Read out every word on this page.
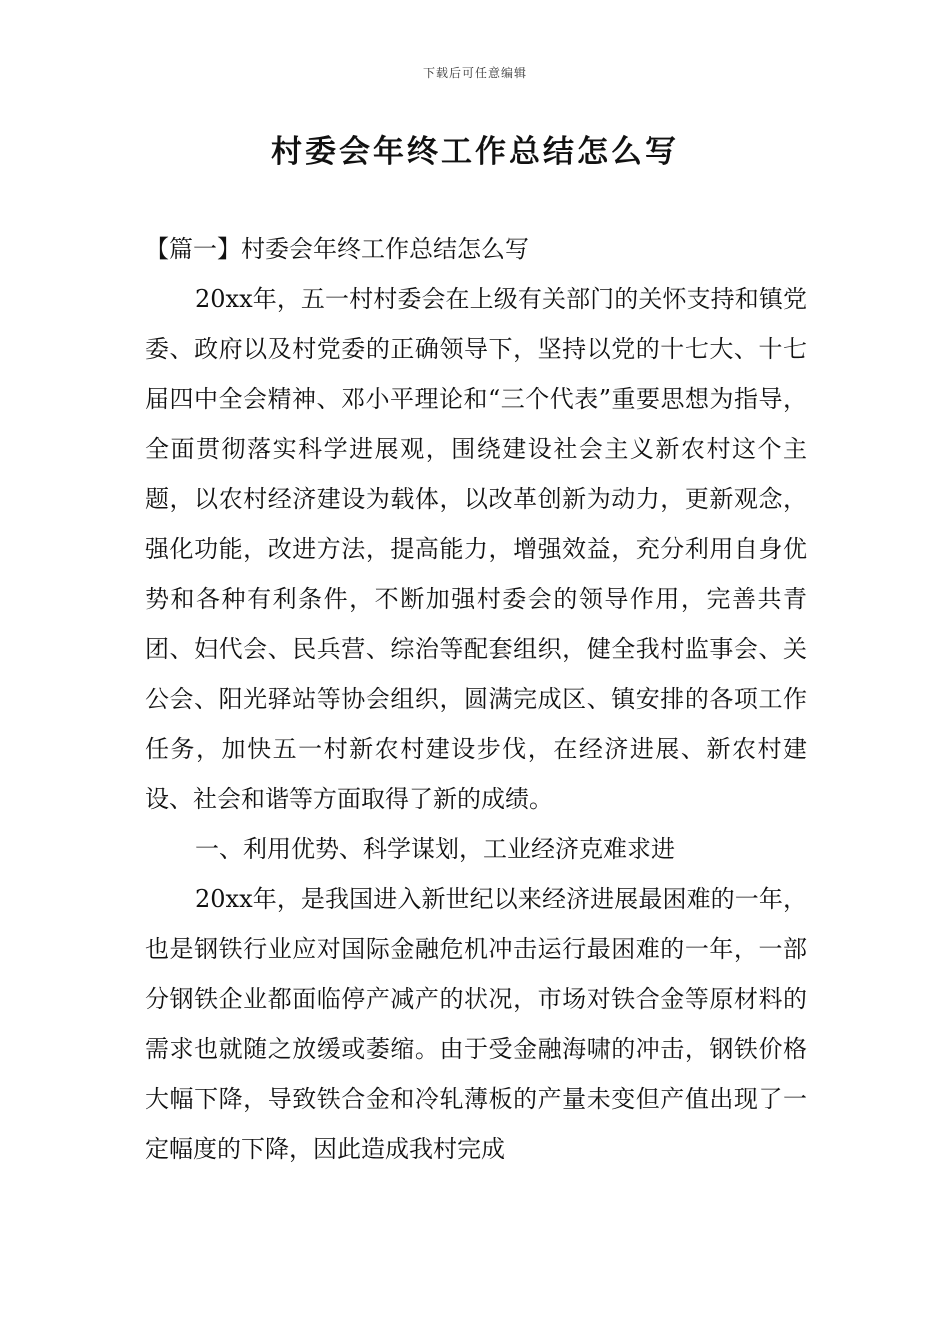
下载后可任意编辑
村委会年终工作总结怎么写

【篇一】村委会年终工作总结怎么写

20xx年，五一村村委会在上级有关部门的关怀支持和镇党委、政府以及村党委的正确领导下，坚持以党的十七大、十七届四中全会精神、邓小平理论和“三个代表”重要思想为指导，全面贯彻落实科学进展观，围绕建设社会主义新农村这个主题，以农村经济建设为载体，以改革创新为动力，更新观念，强化功能，改进方法，提高能力，增强效益，充分利用自身优势和各种有利条件，不断加强村委会的领导作用，完善共青团、妇代会、民兵营、综治等配套组织，健全我村监事会、关公会、阳光驿站等协会组织，圆满完成区、镇安排的各项工作任务，加快五一村新农村建设步伐，在经济进展、新农村建设、社会和谐等方面取得了新的成绩。

一、利用优势、科学谋划，工业经济克难求进

20xx年，是我国进入新世纪以来经济进展最困难的一年，也是钢铁行业应对国际金融危机冲击运行最困难的一年，一部分钢铁企业都面临停产减产的状况，市场对铁合金等原材料的需求也就随之放缓或萎缩。由于受金融海啸的冲击，钢铁价格大幅下降，导致铁合金和冷轧薄板的产量未变但产值出现了一定幅度的下降，因此造成我村完成
